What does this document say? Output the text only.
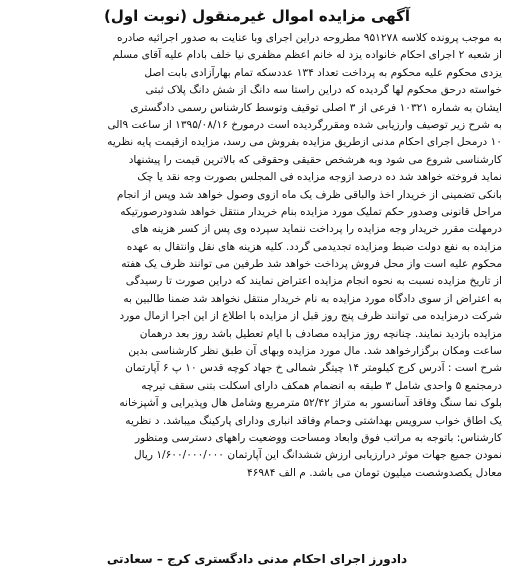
آگهی مزایده اموال غیرمنقول (نوبت اول)
به موجب پرونده کلاسه ۹۵۱۲۷۸ مطروحه دراین اجرای وبا عنایت به صدور اجرائیه صادره
از شعبه ۲ اجرای احکام خانواده یزد له خانم اعظم مظفری نیا خلف بادام علیه آقای مسلم
یزدی محکوم علیه محکوم به پرداخت تعداد ۱۳۴ عددسکه تمام بهارآزادی بابت اصل
خواسته درحق محکوم لها گردیده که دراین راستا سه دانگ از شش دانگ پلاک ثبتی
ایشان به شماره ۱۰۳۲۱ فرعی از ۳ اصلی توقیف وتوسط کارشناس رسمی دادگستری
به شرح زیر توصیف وارزیابی شده ومقررگردیده است درمورخ ۱۳۹۵/۰۸/۱۶ از ساعت ۹الی
۱۰ درمحل اجرای احکام مدنی ازطریق مزایده بفروش می رسد، مزایده ازقیمت پایه نظریه
کارشناسی شروع می شود وبه هرشخص حقیقی وحقوقی که بالاترین قیمت را پیشنهاد
نماید فروخته خواهد شد ده درصد ازوجه مزایده فی المجلس بصورت وجه نقد یا چک
بانکی تضمینی از خریدار اخذ والباقی ظرف یک ماه ازوی وصول خواهد شد وپس از انجام
مراحل قانونی وصدور حکم تملیک مورد مزایده بنام خریدار منتقل خواهد شدودرصورتیکه
درمهلت مقرر خریدار وجه مزایده را پرداخت ننماید سپرده وی پس از کسر هزینه های
مزایده به نفع دولت ضبط ومزایده تجدیدمی گردد. کلیه هزینه های نقل وانتقال به عهده
محکوم علیه است واز محل فروش پرداخت خواهد شد طرفین می توانند ظرف یک هفته
از تاریخ مزایده نسبت به نحوه انجام مزایده اعتراض نمایند که دراین صورت تا رسیدگی
به اعتراض از سوی دادگاه مورد مزایده به نام خریدار منتقل نخواهد شد ضمنا طالبین به
شرکت درمزایده می توانند ظرف پنج روز قبل از مزایده با اطلاع از این اجرا ازمال مورد
مزایده بازدید نمایند. چنانچه روز مزایده مصادف با ایام تعطیل باشد روز بعد درهمان
ساعت ومکان برگزارخواهد شد. مال مورد مزایده وبهای آن طبق نظر کارشناسی بدین
شرح است : آدرس کرج کیلومتر ۱۴ چیتگر شمالی خ جهاد کوچه قدس ۱۰ پ ۶ آپارتمان
درمجتمع ۵ واحدی شامل ۳ طبقه به انضمام همکف دارای اسکلت بتنی سقف تیرچه
بلوک نما سنگ وفاقد آسانسور به متراژ ۵۲/۴۲ مترمربع وشامل هال وپذیرایی و آشپزخانه
یک اطاق خواب سرویس بهداشتی وحمام وفاقد انباری ودارای پارکینگ میباشد. د نظریه
کارشناس: باتوجه به مراتب فوق وابعاد ومساحت ووضعیت راههای دسترسی ومنظور
نمودن جمیع جهات موثر درارزیابی ارزش ششدانگ این آپارتمان ۱/۶۰۰/۰۰۰/۰۰۰ ریال
معادل یکصدوشصت میلیون تومان می باشد. م الف ۴۶۹۸۴
دادورز اجرای احکام مدنی دادگستری کرج – سعادتی
